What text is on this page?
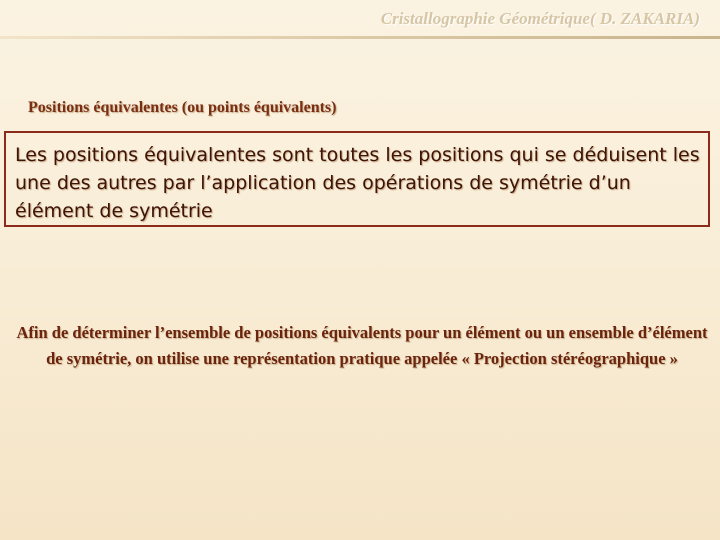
Cristallographie Géométrique( D. ZAKARIA)
Positions équivalentes (ou points équivalents)

Les positions équivalentes sont toutes les positions qui se déduisent les une des autres par l’application des opérations de symétrie d’un élément de symétrie

Afin de déterminer l’ensemble de positions équivalents pour un élément ou un ensemble d’élément de symétrie, on utilise une représentation pratique appelée « Projection stéréographique »
